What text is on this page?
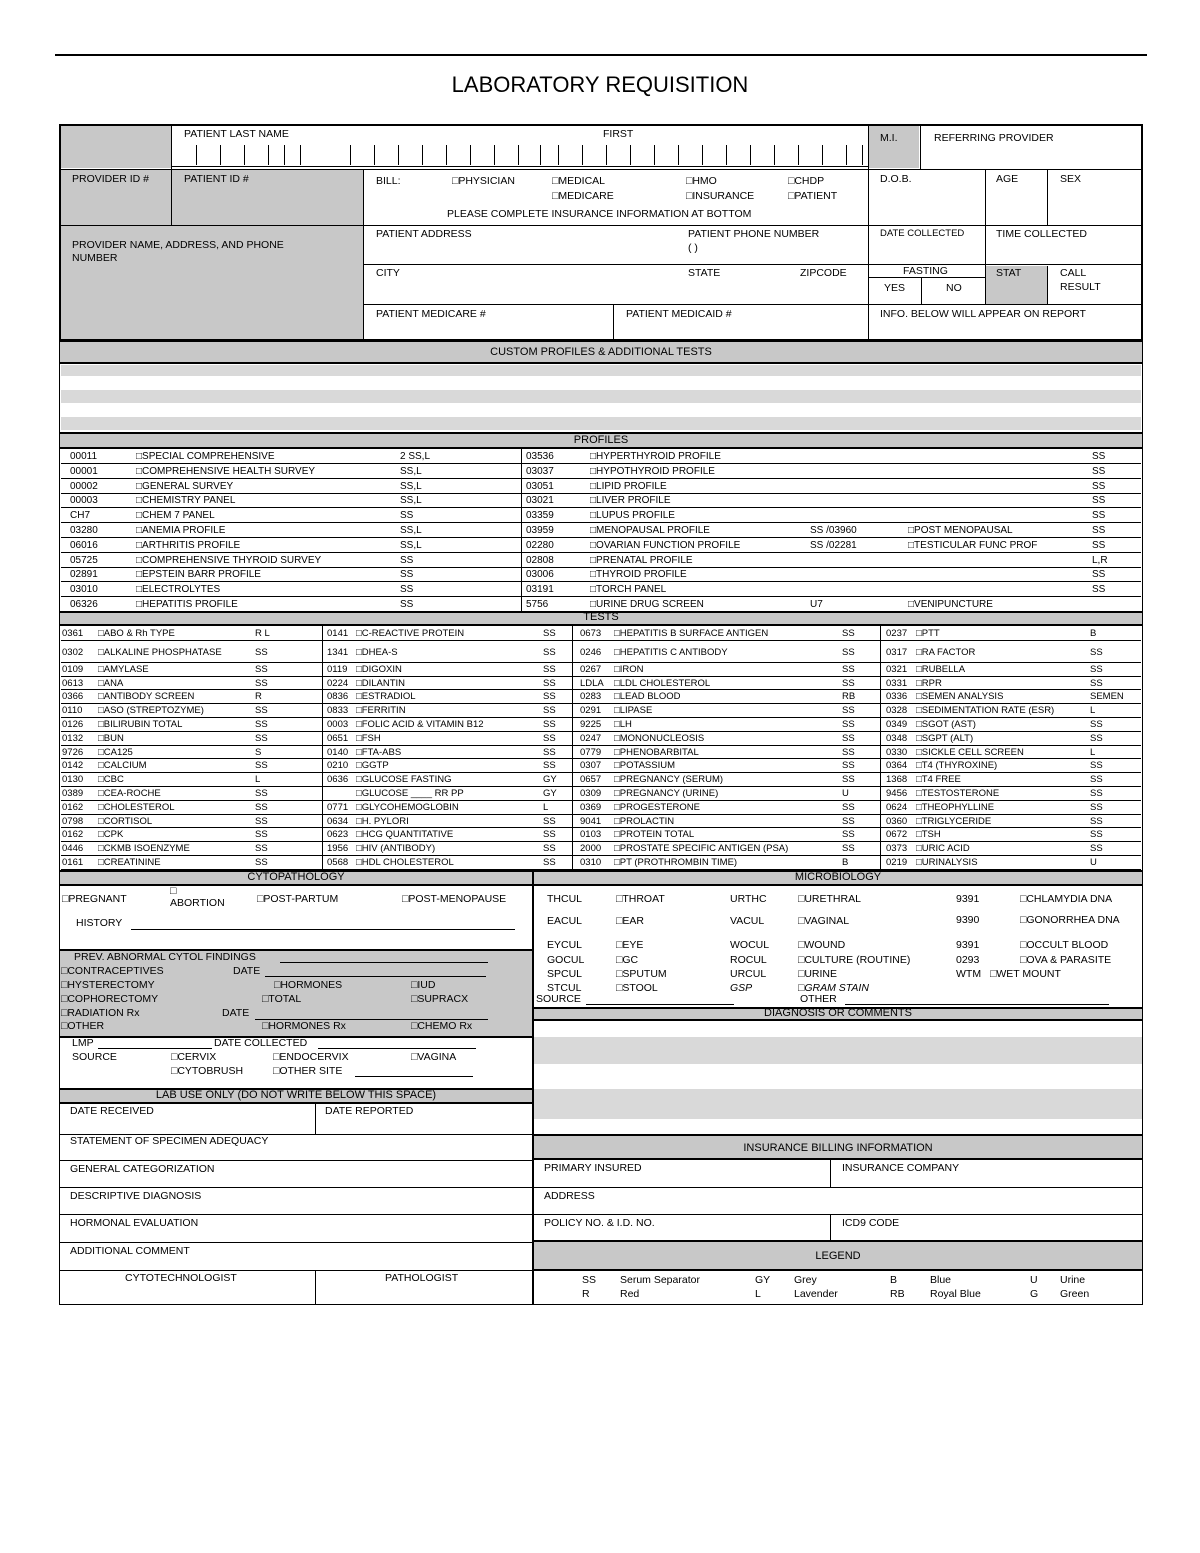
LABORATORY REQUISITION
PATIENT LAST NAME	FIRST	M.I.	REFERRING PROVIDER
PROVIDER ID #	PATIENT ID #	BILL:	□ PHYSICIAN	□ MEDICAL
□ MEDICARE
□ HMO
□ INSURANCE
□ CHDP
□ PATIENT
PLEASE COMPLETE INSURANCE INFORMATION AT BOTTOM
D.O.B.	AGE	SEX
PROVIDER NAME, ADDRESS, AND PHONE
NUMBER
PATIENT ADDRESS	PATIENT PHONE NUMBER
( )
DATE COLLECTED	TIME COLLECTED
CITY	STATE	ZIPCODE	FASTING
YES	NO
STAT	CALL
RESULT
PATIENT MEDICARE #	PATIENT MEDICAID #	INFO. BELOW WILL APPEAR ON REPORT
CUSTOM PROFILES & ADDITIONAL TESTS
PROFILES
00011	□ SPECIAL COMPREHENSIVE	2 SS,L
00001	□ COMPREHENSIVE HEALTH SURVEY	SS,L
00002	□ GENERAL SURVEY	SS,L
00003	□ CHEMISTRY PANEL	SS,L
CH7	□ CHEM 7 PANEL	SS
03280	□ ANEMIA PROFILE	SS,L
06016	□ ARTHRITIS PROFILE	SS,L
05725	□ COMPREHENSIVE THYROID SURVEY	SS
02891	□ EPSTEIN BARR PROFILE	SS
03010	□ ELECTROLYTES	SS
06326	□ HEPATITIS PROFILE	SS
03536	□ HYPERTHYROID PROFILE	SS
03037	□ HYPOTHYROID PROFILE	SS
03051	□ LIPID PROFILE	SS
03021	□ LIVER PROFILE	SS
03359	□ LUPUS PROFILE	SS
03959	□ MENOPAUSAL PROFILE	SS /03960	□ POST MENOPAUSAL	SS
02280	□ OVARIAN FUNCTION PROFILE	SS /02281	□ TESTICULAR FUNC PROF	SS
02808	□ PRENATAL PROFILE	L,R
03006	□ THYROID PROFILE	SS
03191	□ TORCH PANEL	SS
5756	□ URINE DRUG SCREEN	U7	□ VENIPUNCTURE
TESTS
0361	□ ABO & Rh TYPE	R L	0141	□ C-REACTIVE PROTEIN	SS	0673	□ HEPATITIS B SURFACE ANTIGEN	SS	0237	□ PTT	B
0302	□ ALKALINE PHOSPHATASE	SS	1341	□ DHEA-S	SS	0246	□ HEPATITIS C ANTIBODY	SS	0317	□ RA FACTOR	SS
0109	□ AMYLASE	SS	0119	□ DIGOXIN	SS	0267	□ IRON	SS	0321	□ RUBELLA	SS
0613	□ ANA	SS	0224	□ DILANTIN	SS	LDLA	□ LDL CHOLESTEROL	SS	0331	□ RPR	SS
0366	□ ANTIBODY SCREEN	R	0836	□ ESTRADIOL	SS	0283	□ LEAD BLOOD	RB	0336	□ SEMEN ANALYSIS	SEMEN
0110	□ ASO (STREPTOZYME)	SS	0833	□ FERRITIN	SS	0291	□ LIPASE	SS	0328	□ SEDIMENTATION RATE (ESR)	L
0126	□ BILIRUBIN TOTAL	SS	0003	□ FOLIC ACID & VITAMIN B12	SS	9225	□ LH	SS	0349	□ SGOT (AST)	SS
0132	□ BUN	SS	0651	□ FSH	SS	0247	□ MONONUCLEOSIS	SS	0348	□ SGPT (ALT)	SS
9726	□ CA125	S	0140	□ FTA-ABS	SS	0779	□ PHENOBARBITAL	SS	0330	□ SICKLE CELL SCREEN	L
0142	□ CALCIUM	SS	0210	□ GGTP	SS	0307	□ POTASSIUM	SS	0364	□ T4 (THYROXINE)	SS
0130	□ CBC	L	0636	□ GLUCOSE FASTING	GY 0657	□ PREGNANCY (SERUM)	SS	1368	□ T4 FREE	SS
0389	□ CEA-ROCHE	SS	□ GLUCOSE ____ RR PP	GY 0309	□ PREGNANCY (URINE)	U	9456	□ TESTOSTERONE	SS
0162	□ CHOLESTEROL	SS	0771	□ GLYCOHEMOGLOBIN	L	0369	□ PROGESTERONE	SS	0624	□ THEOPHYLLINE	SS
0798	□ CORTISOL	SS	0634	□ H. PYLORI	SS	9041	□ PROLACTIN	SS	0360	□ TRIGLYCERIDE	SS
0162	□ CPK	SS	0623	□ HCG QUANTITATIVE	SS	0103	□ PROTEIN TOTAL	SS	0672	□ TSH	SS
0446	□ CKMB ISOENZYME	SS	1956	□ HIV (ANTIBODY)	SS	2000	□ PROSTATE SPECIFIC ANTIGEN (PSA)	SS	0373	□ URIC ACID	SS
0161	□ CREATININE	SS	0568	□ HDL CHOLESTEROL	SS	0310	□ PT (PROTHROMBIN TIME)	B	0219	□ URINALYSIS	U
CYTOPATHOLOGY
□ PREGNANT
□
ABORTION	□ POST-PARTUM	□ POST-MENOPAUSE
HISTORY
PREV. ABNORMAL CYTOL FINDINGS
□ CONTRACEPTIVES	DATE
□ HYSTERECTOMY	□ HORMONES	□ IUD
□ COPHORECTOMY	□ TOTAL	□ SUPRACX
□ RADIATION Rx	DATE
□ OTHER	□ HORMONES Rx	□ CHEMO Rx
LMP	DATE COLLECTED
SOURCE	□ CERVIX	□ ENDOCERVIX	□ VAGINA
□ CYTOBRUSH	□ OTHER SITE
MICROBIOLOGY
THCUL	□ THROAT	URTHC	□ URETHRAL
EACUL	□ EAR	VACUL	□ VAGINAL
EYCUL	□ EYE	WOCUL	□ WOUND
GOCUL	□ GC	ROCUL	□ CULTURE (ROUTINE)
SPCUL	□ SPUTUM	URCUL	□ URINE
STCUL	□ STOOL	GSP	□ GRAM STAIN
9391	□ CHLAMYDIA DNA
9390	□ GONORRHEA DNA
9391	□ OCCULT BLOOD
0293	□ OVA & PARASITE
WTM	□ WET MOUNT
SOURCE	OTHER
DIAGNOSIS OR COMMENTS
LAB USE ONLY (DO NOT WRITE BELOW THIS SPACE)
DATE RECEIVED	DATE REPORTED
STATEMENT OF SPECIMEN ADEQUACY
GENERAL CATEGORIZATION
DESCRIPTIVE DIAGNOSIS
HORMONAL EVALUATION
ADDITIONAL COMMENT
CYTOTECHNOLOGIST	PATHOLOGIST
INSURANCE BILLING INFORMATION
PRIMARY INSURED	INSURANCE COMPANY
ADDRESS
POLICY NO. & I.D. NO.	ICD9 CODE
LEGEND
SS Serum Separator	GY Grey	B	Blue	U Urine
R	Red	L	Lavender	RB Royal Blue	G Green
